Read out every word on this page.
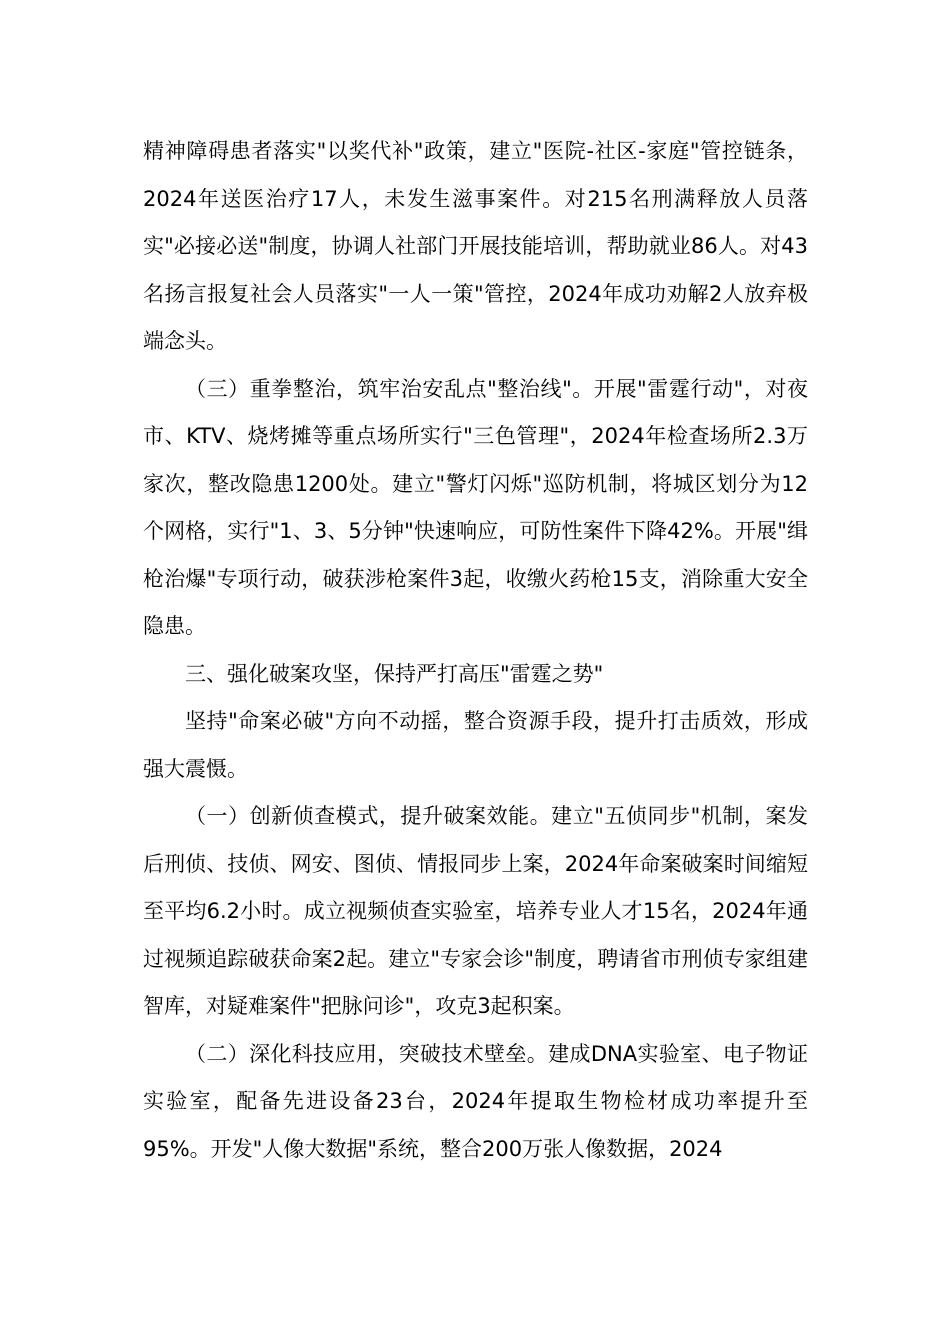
精神障碍患者落实"以奖代补"政策，建立"医院-社区-家庭"管控链条，2024年送医治疗17人，未发生滋事案件。对215名刑满释放人员落实"必接必送"制度，协调人社部门开展技能培训，帮助就业86人。对43名扬言报复社会人员落实"一人一策"管控，2024年成功劝解2人放弃极端念头。

（三）重拳整治，筑牢治安乱点"整治线"。开展"雷霆行动"，对夜市、KTV、烧烤摊等重点场所实行"三色管理"，2024年检查场所2.3万家次，整改隐患1200处。建立"警灯闪烁"巡防机制，将城区划分为12个网格，实行"1、3、5分钟"快速响应，可防性案件下降42%。开展"缉枪治爆"专项行动，破获涉枪案件3起，收缴火药枪15支，消除重大安全隐患。

三、强化破案攻坚，保持严打高压"雷霆之势"

坚持"命案必破"方向不动摇，整合资源手段，提升打击质效，形成强大震慑。

（一）创新侦查模式，提升破案效能。建立"五侦同步"机制，案发后刑侦、技侦、网安、图侦、情报同步上案，2024年命案破案时间缩短至平均6.2小时。成立视频侦查实验室，培养专业人才15名，2024年通过视频追踪破获命案2起。建立"专家会诊"制度，聘请省市刑侦专家组建智库，对疑难案件"把脉问诊"，攻克3起积案。

（二）深化科技应用，突破技术壁垒。建成DNA实验室、电子物证实验室，配备先进设备23台，2024年提取生物检材成功率提升至95%。开发"人像大数据"系统，整合200万张人像数据，2024
